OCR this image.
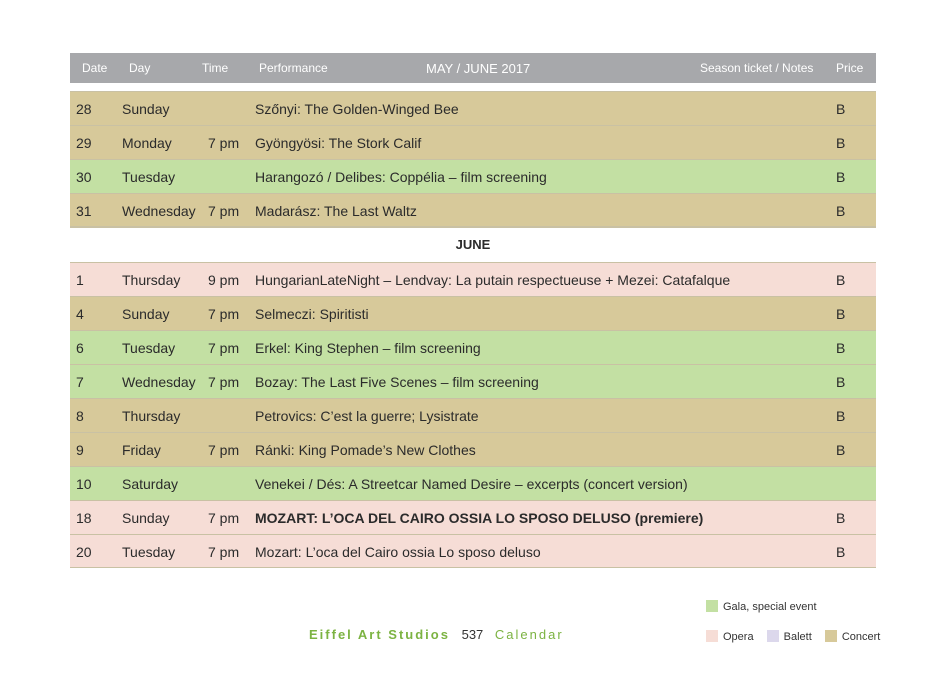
Date Day	Time	Performance	MAY / JUNE 2017	Season ticket / Notes Price
28 Sunday	Szőnyi: The Golden-Winged Bee	B
29 Monday	7 pm Gyöngyösi: The Stork Calif	B
30 Tuesday	Harangozó / Delibes: Coppélia – film screening	B
31 Wednesday 7 pm Madarász: The Last Waltz	B
JUNE
1	Thursday 9 pm HungarianLateNight – Lendvay: La putain respectueuse + Mezei: Catafalque	B
4	Sunday	7 pm Selmeczi: Spiritisti	B
6	Tuesday 7 pm Erkel: King Stephen – film screening	B
7	Wednesday 7 pm Bozay: The Last Five Scenes – film screening	B
8	Thursday	Petrovics: C’est la guerre; Lysistrate	B
9	Friday	7 pm Ránki: King Pomade’s New Clothes	B
10 Saturday	Venekei / Dés: A Streetcar Named Desire – excerpts (concert version)
18 Sunday	7 pm MOZART: L’OCA DEL CAIRO OSSIA LO SPOSO DELUSO (premiere)	B
20 Tuesday 7 pm Mozart: L’oca del Cairo ossia Lo sposo deluso	B
Gala, special event
Opera	Balett	Concert
Eiffel Art Studios 537 Calendar
